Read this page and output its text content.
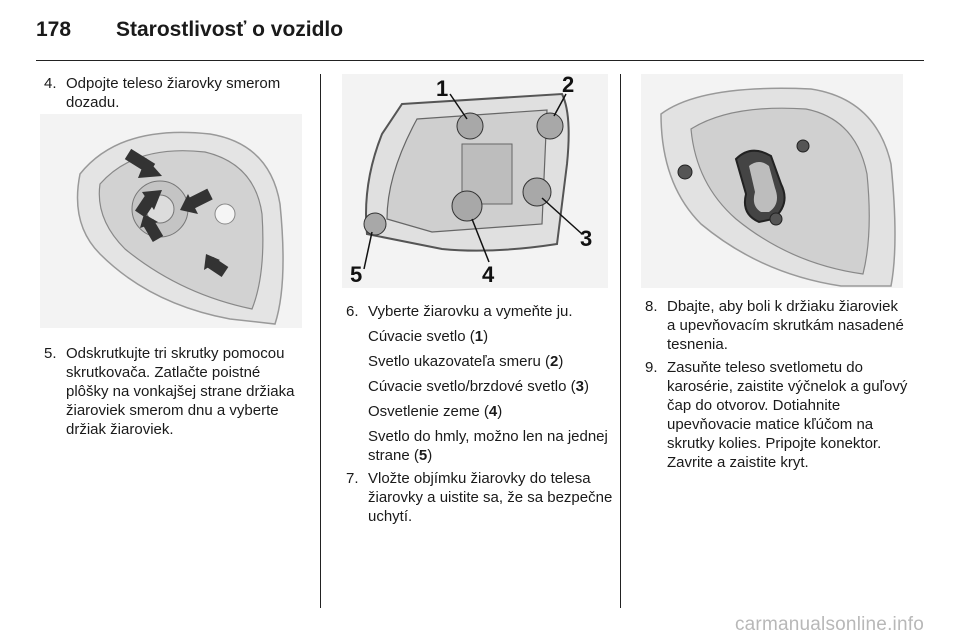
178	Starostlivosť o vozidlo
4. Odpojte teleso žiarovky smerom dozadu.
5. Odskrutkujte tri skrutky pomocou skrutkovača. Zatlačte poistné plôšky na vonkajšej strane držiaka žiaroviek smerom dnu a vyberte držiak žiaroviek.
1	2
3
4
5
6. Vyberte žiarovku a vymeňte ju.
Cúvacie svetlo (1)
Svetlo ukazovateľa smeru (2)
Cúvacie svetlo/brzdové svetlo (3)
Osvetlenie zeme (4)
Svetlo do hmly, možno len na jednej strane (5)
7. Vložte objímku žiarovky do telesa žiarovky a uistite sa, že sa bezpečne uchytí.
8. Dbajte, aby boli k držiaku žiaroviek a upevňovacím skrutkám nasadené tesnenia.
9. Zasuňte teleso svetlometu do karosérie, zaistite výčnelok a guľový čap do otvorov. Dotiahnite upevňovacie matice kľúčom na skrutky kolies. Pripojte konektor. Zavrite a zaistite kryt.
carmanualsonline.info
